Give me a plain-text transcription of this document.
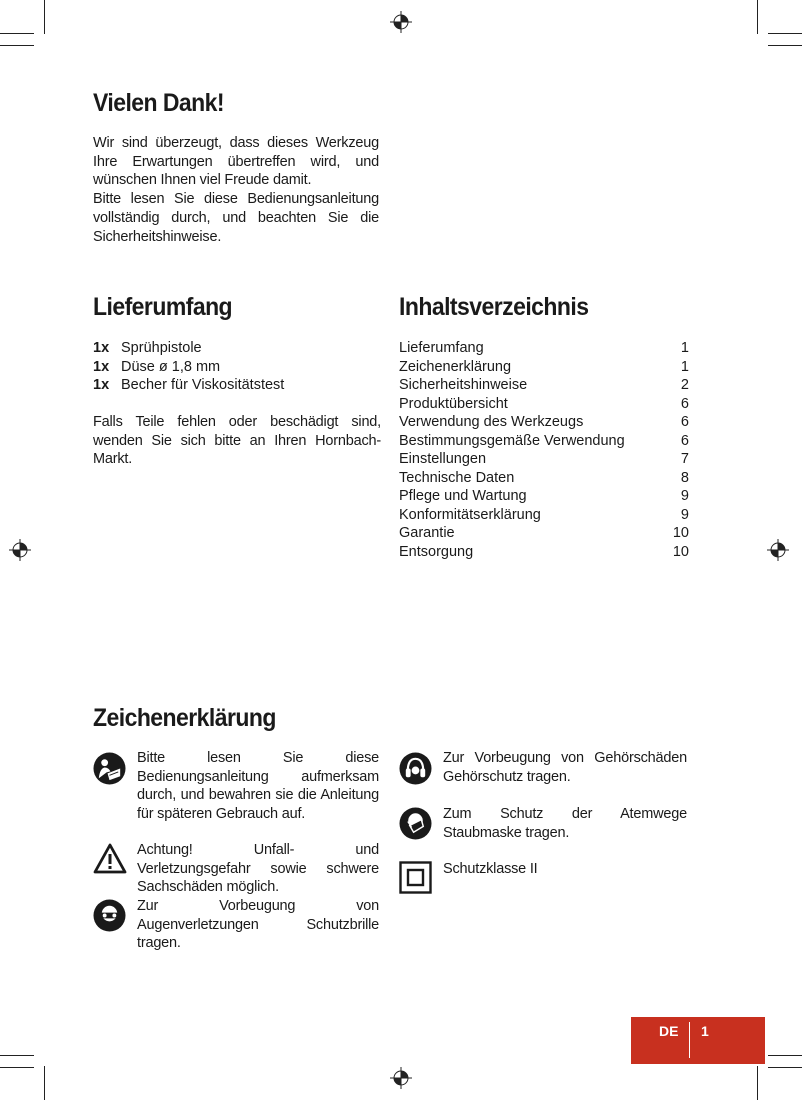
Vielen Dank!

Wir sind überzeugt, dass dieses Werkzeug Ihre Erwartungen übertreffen wird, und wünschen Ihnen viel Freude damit.

Bitte lesen Sie diese Bedienungsanleitung vollständig durch, und beachten Sie die Sicherheitshinweise.

Lieferumfang
1x Sprühpistole
1x Düse ø 1,8 mm
1x Becher für Viskositätstest
Falls Teile fehlen oder beschädigt sind, wenden Sie sich bitte an Ihren Hornbach-Markt.
Inhaltsverzeichnis
Lieferumfang	1
Zeichenerklärung	1
Sicherheitshinweise	2
Produktübersicht	6
Verwendung des Werkzeugs	6
Bestimmungsgemäße Verwendung	6
Einstellungen	7
Technische Daten	8
Pflege und Wartung	9
Konformitätserklärung	9
Garantie	10
Entsorgung	10
Zeichenerklärung
Bitte lesen Sie diese Bedienungsanleitung aufmerksam durch, und bewahren sie die Anleitung für späteren Gebrauch auf.
Achtung! Unfall- und Verletzungsgefahr sowie schwere Sachschäden möglich.
Zur Vorbeugung von Augenverletzungen Schutzbrille tragen.
Zur Vorbeugung von Gehörschäden Gehörschutz tragen.
Zum Schutz der Atemwege Staubmaske tragen.
Schutzklasse II
DE 1
